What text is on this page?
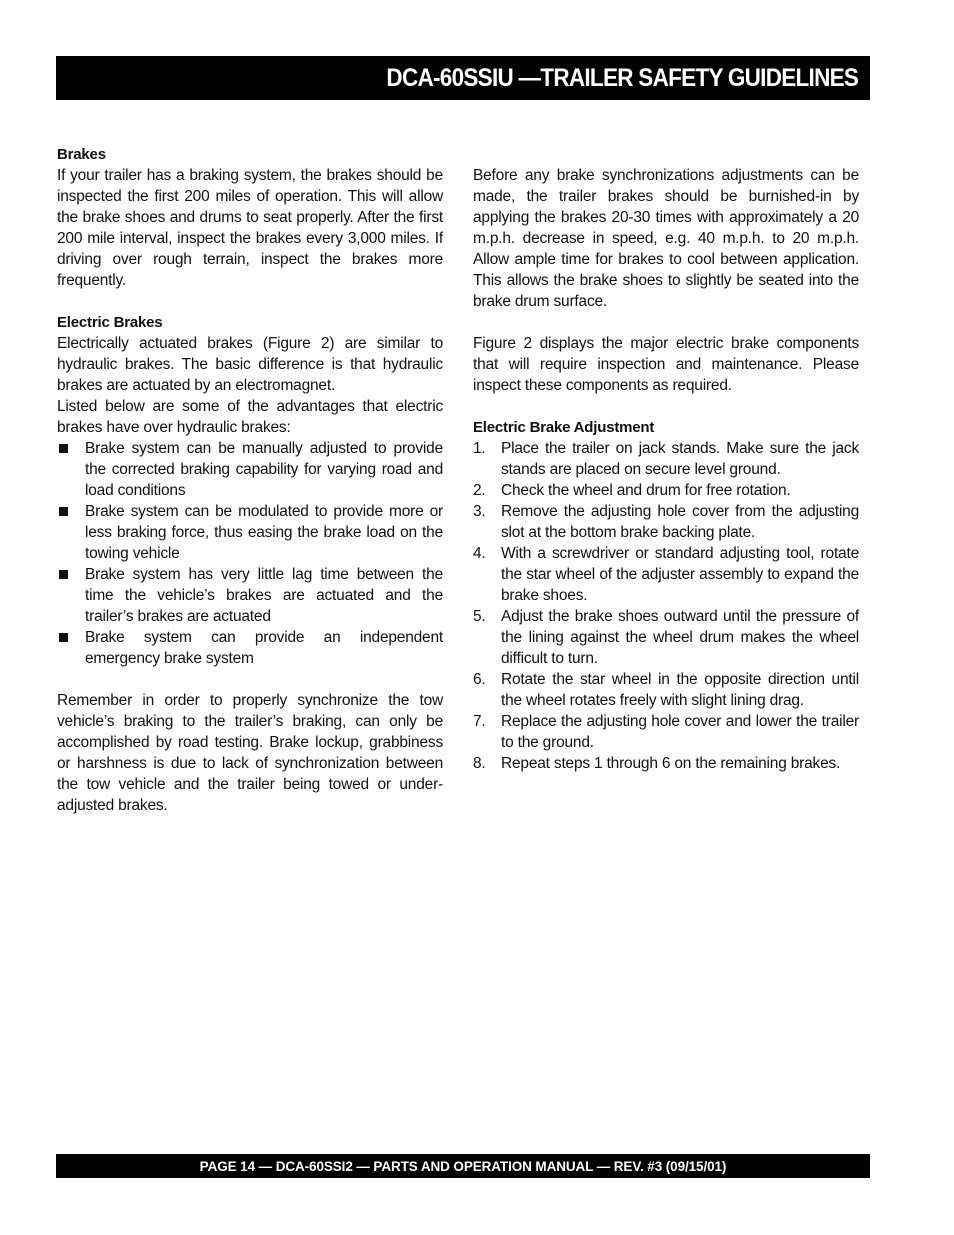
DCA-60SSIU —TRAILER SAFETY GUIDELINES
Brakes

If your trailer has a braking system, the brakes should be inspected the first 200 miles of operation. This will allow the brake shoes and drums to seat properly. After the first 200 mile interval, inspect the brakes every 3,000 miles. If driving over rough terrain, inspect the brakes more frequently.

Electric Brakes

Electrically actuated brakes (Figure 2) are similar to hydraulic brakes. The basic difference is that hydraulic brakes are actuated by an electromagnet.

Listed below are some of the advantages that electric brakes have over hydraulic brakes:

Brake system can be manually adjusted to provide the corrected braking capability for varying road and load conditions
Brake system can be modulated to provide more or less braking force, thus easing the brake load on the towing vehicle
Brake system has very little lag time between the time the vehicle’s brakes are actuated and the trailer’s brakes are actuated
Brake system can provide an independent emergency brake system

Remember in order to properly synchronize the tow vehicle’s braking to the trailer’s braking, can only be accomplished by road testing. Brake lockup, grabbiness or harshness is due to lack of synchronization between the tow vehicle and the trailer being towed or under-adjusted brakes.

Before any brake synchronizations adjustments can be made, the trailer brakes should be burnished-in by applying the brakes 20-30 times with approximately a 20 m.p.h. decrease in speed, e.g. 40 m.p.h. to 20 m.p.h. Allow ample time for brakes to cool between application. This allows the brake shoes to slightly be seated into the brake drum surface.

Figure 2 displays the major electric brake components that will require inspection and maintenance. Please inspect these components as required.

Electric Brake Adjustment
1. Place the trailer on jack stands. Make sure the jack stands are placed on secure level ground.
2. Check the wheel and drum for free rotation.
3. Remove the adjusting hole cover from the adjusting slot at the bottom brake backing plate.
4. With a screwdriver or standard adjusting tool, rotate the star wheel of the adjuster assembly to expand the brake shoes.
5. Adjust the brake shoes outward until the pressure of the lining against the wheel drum makes the wheel difficult to turn.
6. Rotate the star wheel in the opposite direction until the wheel rotates freely with slight lining drag.
7. Replace the adjusting hole cover and lower the trailer to the ground.
8. Repeat steps 1 through 6 on the remaining brakes.
PAGE 14 — DCA-60SSI2 — PARTS AND OPERATION MANUAL — REV. #3 (09/15/01)
